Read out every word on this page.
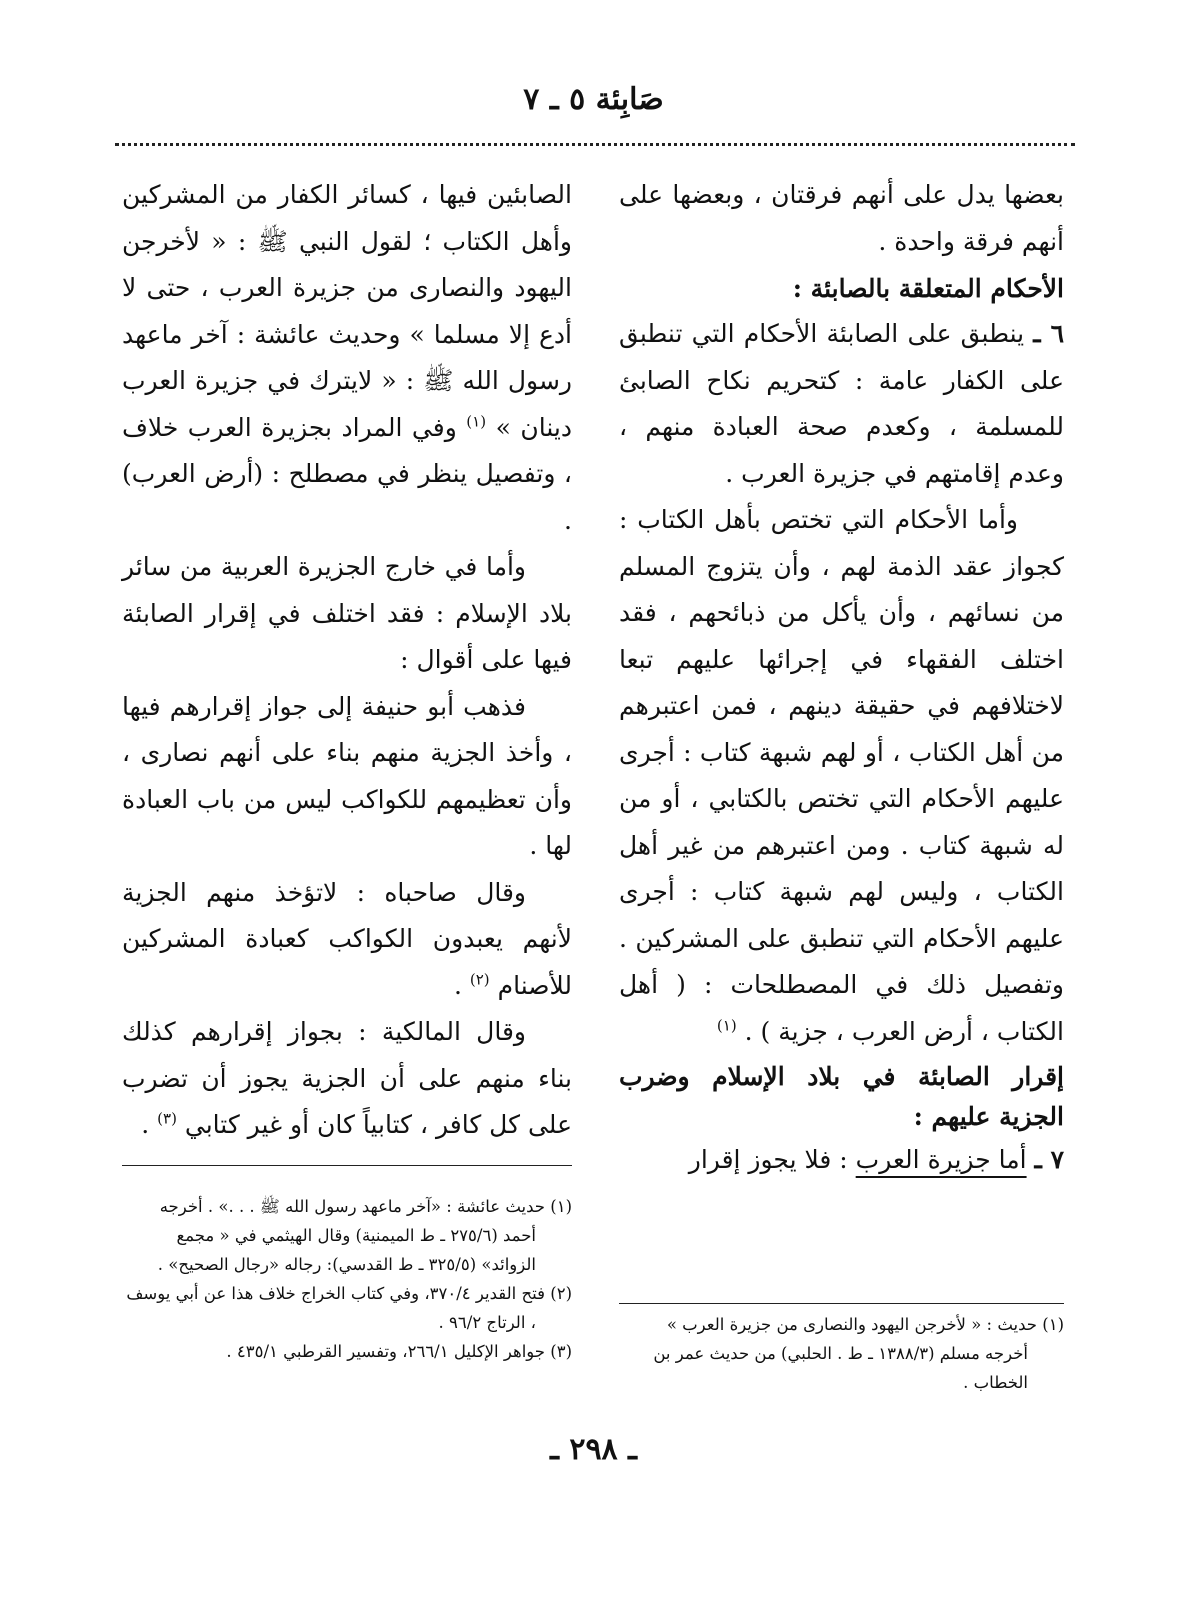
صَابِئة ٥ ـ ٧

بعضها يدل على أنهم فرقتان ، وبعضها على أنهم فرقة واحدة .

الأحكام المتعلقة بالصابئة :

٦ ـ ينطبق على الصابئة الأحكام التي تنطبق على الكفار عامة : كتحريم نكاح الصابئ للمسلمة ، وكعدم صحة العبادة منهم ، وعدم إقامتهم في جزيرة العرب .

وأما الأحكام التي تختص بأهل الكتاب : كجواز عقد الذمة لهم ، وأن يتزوج المسلم من نسائهم ، وأن يأكل من ذبائحهم ، فقد اختلف الفقهاء في إجرائها عليهم تبعا لاختلافهم في حقيقة دينهم ، فمن اعتبرهم من أهل الكتاب ، أو لهم شبهة كتاب : أجرى عليهم الأحكام التي تختص بالكتابي ، أو من له شبهة كتاب . ومن اعتبرهم من غير أهل الكتاب ، وليس لهم شبهة كتاب : أجرى عليهم الأحكام التي تنطبق على المشركين . وتفصيل ذلك في المصطلحات : ( أهل الكتاب ، أرض العرب ، جزية ) . $^{(١)}$

إقرار الصابئة في بلاد الإسلام وضرب الجزية عليهم :

٧ ـ أما جزيرة العرب : فلا يجوز إقرار

الصابئين فيها ، كسائر الكفار من المشركين وأهل الكتاب ؛ لقول النبي ﷺ : « لأخرجن اليهود والنصارى من جزيرة العرب ، حتى لا أدع إلا مسلما » وحديث عائشة : آخر ماعهد رسول الله ﷺ : « لايترك في جزيرة العرب دينان » $^{(١)}$ وفي المراد بجزيرة العرب خلاف ، وتفصيل ينظر في مصطلح : (أرض العرب) .

وأما في خارج الجزيرة العربية من سائر بلاد الإسلام : فقد اختلف في إقرار الصابئة فيها على أقوال :

فذهب أبو حنيفة إلى جواز إقرارهم فيها ، وأخذ الجزية منهم بناء على أنهم نصارى ، وأن تعظيمهم للكواكب ليس من باب العبادة لها .

وقال صاحباه : لاتؤخذ منهم الجزية لأنهم يعبدون الكواكب كعبادة المشركين للأصنام $^{(٢)}$ .

وقال المالكية : بجواز إقرارهم كذلك بناء منهم على أن الجزية يجوز أن تضرب على كل كافر ، كتابياً كان أو غير كتابي $^{(٣)}$ .

(١) حديث : « لأخرجن اليهود والنصارى من جزيرة العرب » أخرجه مسلم (١٣٨٨/٣ ـ ط . الحلبي) من حديث عمر بن الخطاب .

(١) حديث عائشة : «آخر ماعهد رسول الله ﷺ . . .» . أخرجه أحمد (٢٧٥/٦ ـ ط الميمنية) وقال الهيثمي في « مجمع الزوائد» (٣٢٥/٥ ـ ط القدسي): رجاله «رجال الصحيح» .

(٢) فتح القدير ٣٧٠/٤، وفي كتاب الخراج خلاف هذا عن أبي يوسف ، الرتاج ٩٦/٢ .

(٣) جواهر الإكليل ٢٦٦/١، وتفسير القرطبي ٤٣٥/١ .

ـ ٢٩٨ ـ
